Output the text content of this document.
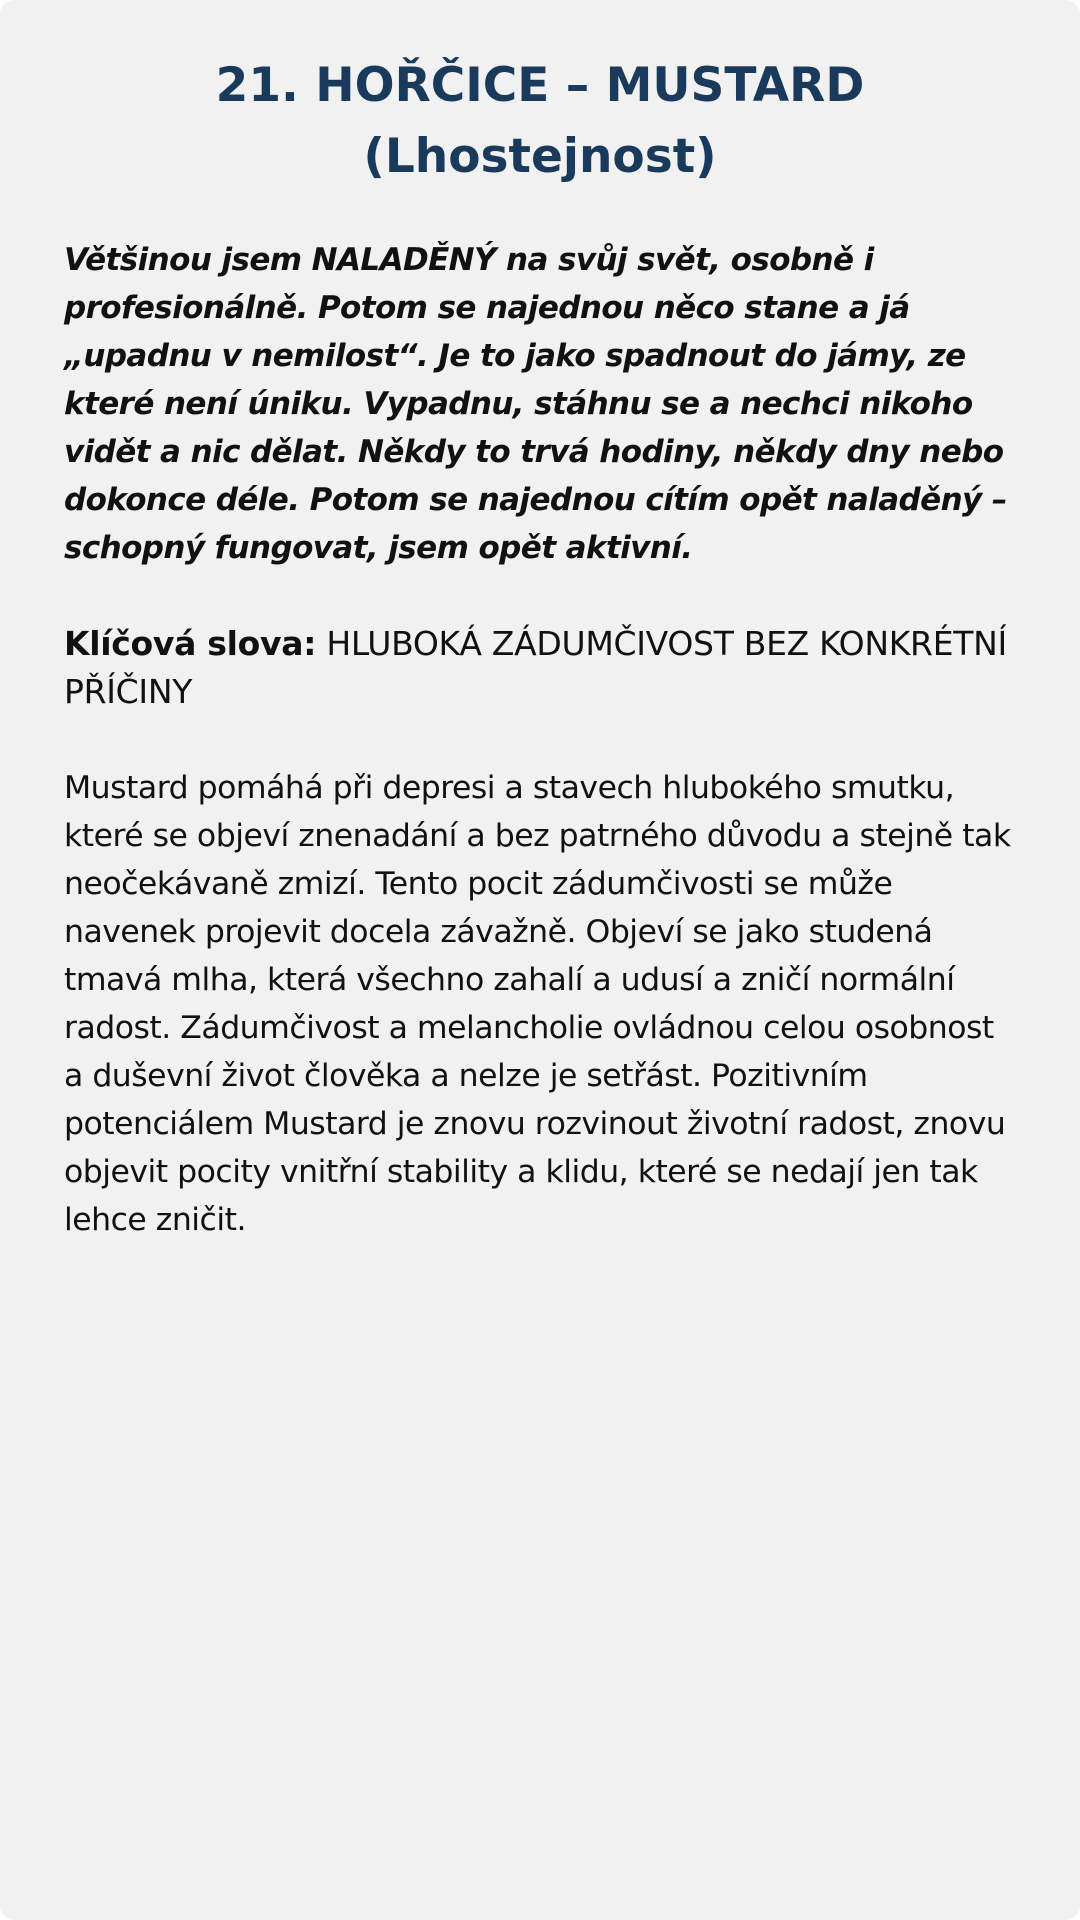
21. HOŘČICE – MUSTARD
(Lhostejnost)

Většinou jsem NALADĚNÝ na svůj svět, osobně i profesionálně. Potom se najednou něco stane a já „upadnu v nemilost“. Je to jako spadnout do jámy, ze které není úniku. Vypadnu, stáhnu se a nechci nikoho vidět a nic dělat. Někdy to trvá hodiny, někdy dny nebo dokonce déle. Potom se najednou cítím opět naladěný – schopný fungovat, jsem opět aktivní.

Klíčová slova: HLUBOKÁ ZÁDUMČIVOST BEZ KONKRÉTNÍ PŘÍČINY

Mustard pomáhá při depresi a stavech hlubokého smutku, které se objeví znenadání a bez patrného důvodu a stejně tak neočekávaně zmizí. Tento pocit zádumčivosti se může navenek projevit docela závažně. Objeví se jako studená tmavá mlha, která všechno zahalí a udusí a zničí normální radost. Zádumčivost a melancholie ovládnou celou osobnost a duševní život člověka a nelze je setřást. Pozitivním potenciálem Mustard je znovu rozvinout životní radost, znovu objevit pocity vnitřní stability a klidu, které se nedají jen tak lehce zničit.
